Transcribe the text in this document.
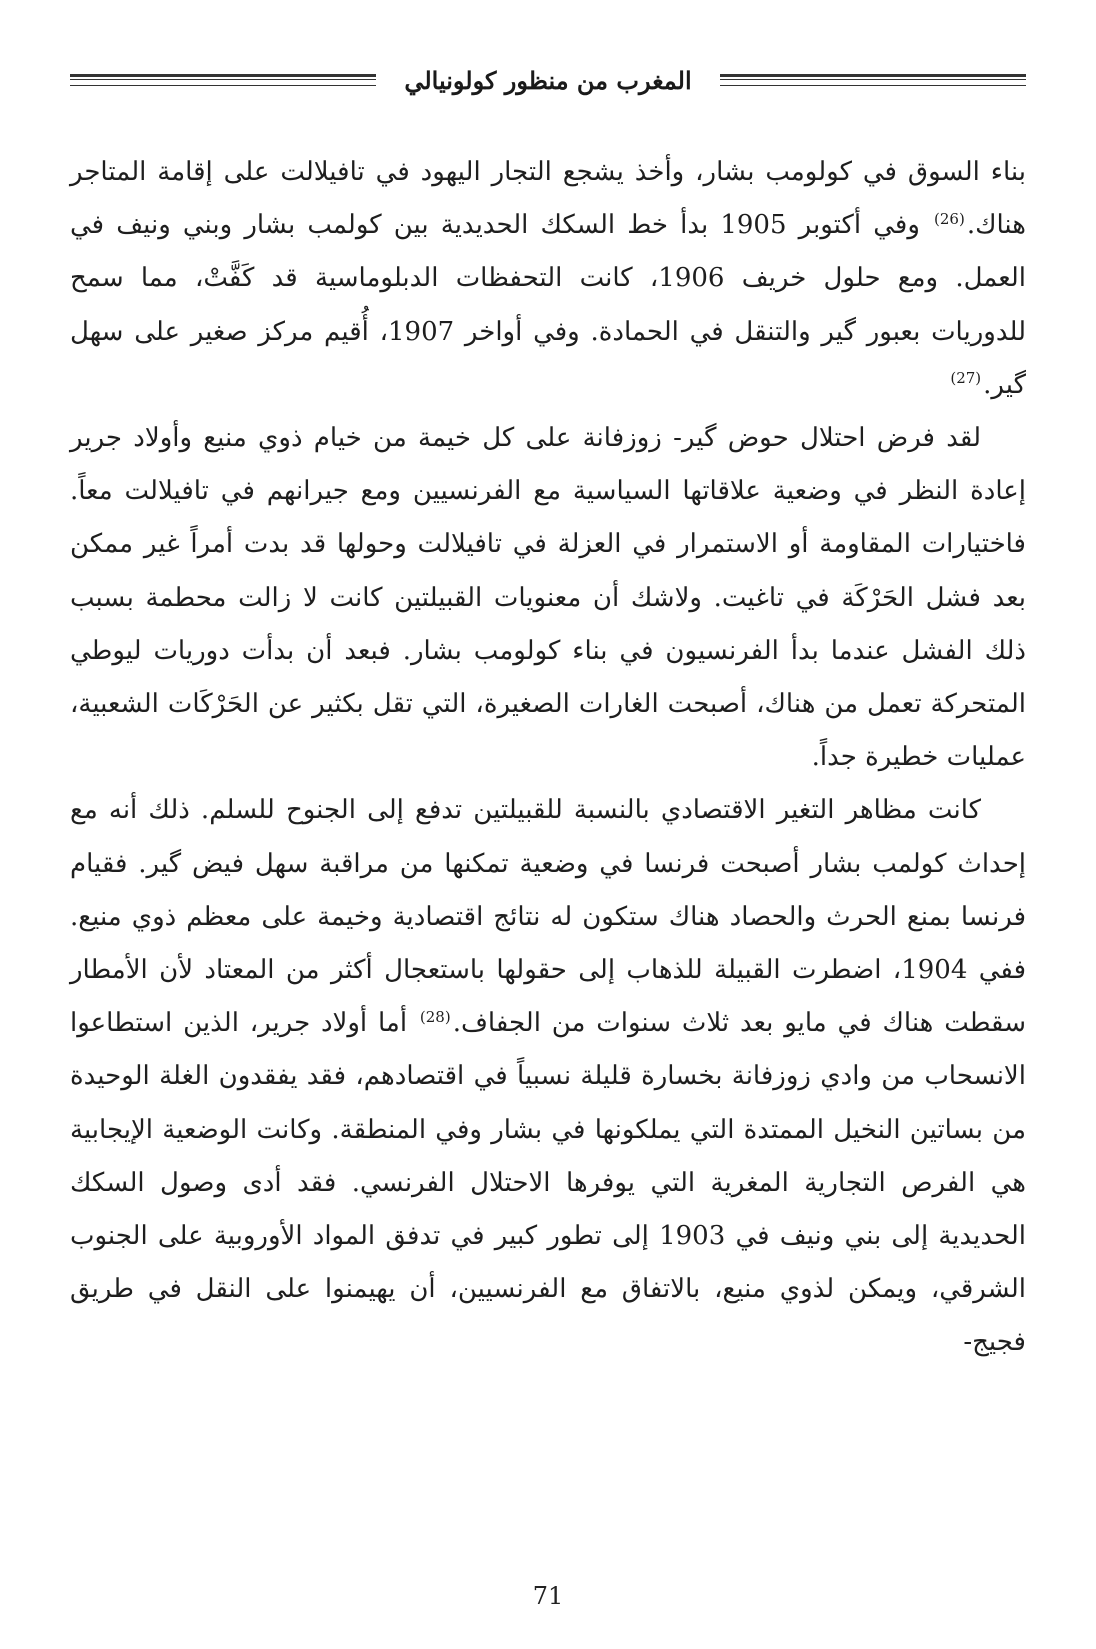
المغرب من منظور كولونيالي

بناء السوق في كولومب بشار، وأخذ يشجع التجار اليهود في تافيلالت على إقامة المتاجر هناك.$^{(26)}$ وفي أكتوبر 1905 بدأ خط السكك الحديدية بين كولمب بشار وبني ونيف في العمل. ومع حلول خريف 1906، كانت التحفظات الدبلوماسية قد كَفَّتْ، مما سمح للدوريات بعبور گير والتنقل في الحمادة. وفي أواخر 1907، أُقيم مركز صغير على سهل گير.$^{(27)}$

لقد فرض احتلال حوض گير- زوزفانة على كل خيمة من خيام ذوي منيع وأولاد جرير إعادة النظر في وضعية علاقاتها السياسية مع الفرنسيين ومع جيرانهم في تافيلالت معاً. فاختيارات المقاومة أو الاستمرار في العزلة في تافيلالت وحولها قد بدت أمراً غير ممكن بعد فشل الحَرْكَة في تاغيت. ولاشك أن معنويات القبيلتين كانت لا زالت محطمة بسبب ذلك الفشل عندما بدأ الفرنسيون في بناء كولومب بشار. فبعد أن بدأت دوريات ليوطي المتحركة تعمل من هناك، أصبحت الغارات الصغيرة، التي تقل بكثير عن الحَرْكَات الشعبية، عمليات خطيرة جداً.

كانت مظاهر التغير الاقتصادي بالنسبة للقبيلتين تدفع إلى الجنوح للسلم. ذلك أنه مع إحداث كولمب بشار أصبحت فرنسا في وضعية تمكنها من مراقبة سهل فيض گير. فقيام فرنسا بمنع الحرث والحصاد هناك ستكون له نتائج اقتصادية وخيمة على معظم ذوي منيع. ففي 1904، اضطرت القبيلة للذهاب إلى حقولها باستعجال أكثر من المعتاد لأن الأمطار سقطت هناك في مايو بعد ثلاث سنوات من الجفاف.$^{(28)}$ أما أولاد جرير، الذين استطاعوا الانسحاب من وادي زوزفانة بخسارة قليلة نسبياً في اقتصادهم، فقد يفقدون الغلة الوحيدة من بساتين النخيل الممتدة التي يملكونها في بشار وفي المنطقة. وكانت الوضعية الإيجابية هي الفرص التجارية المغرية التي يوفرها الاحتلال الفرنسي. فقد أدى وصول السكك الحديدية إلى بني ونيف في 1903 إلى تطور كبير في تدفق المواد الأوروبية على الجنوب الشرقي، ويمكن لذوي منيع، بالاتفاق مع الفرنسيين، أن يهيمنوا على النقل في طريق فجيج-

71
